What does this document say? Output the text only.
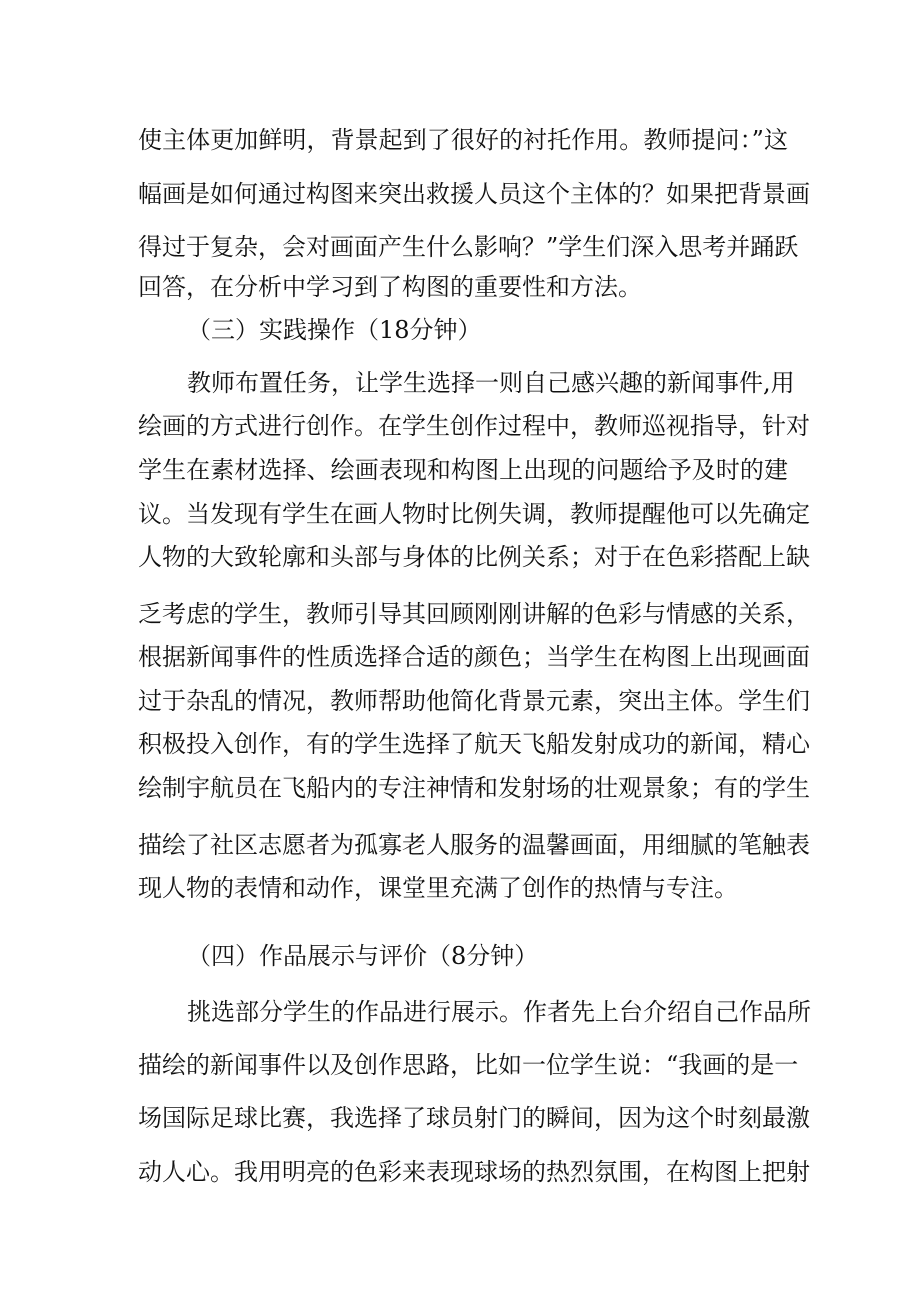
使主体更加鲜明，背景起到了很好的衬托作用。教师提问：”这
幅画是如何通过构图来突出救援人员这个主体的？如果把背景画
得过于复杂，会对画面产生什么影响？”学生们深入思考并踊跃
回答，在分析中学习到了构图的重要性和方法。
（三）实践操作（18分钟）
教师布置任务，让学生选择一则自己感兴趣的新闻事件,用
绘画的方式进行创作。在学生创作过程中，教师巡视指导，针对
学生在素材选择、绘画表现和构图上出现的问题给予及时的建
议。当发现有学生在画人物时比例失调，教师提醒他可以先确定
人物的大致轮廓和头部与身体的比例关系；对于在色彩搭配上缺
乏考虑的学生，教师引导其回顾刚刚讲解的色彩与情感的关系，
根据新闻事件的性质选择合适的颜色；当学生在构图上出现画面
过于杂乱的情况，教师帮助他简化背景元素，突出主体。学生们
积极投入创作，有的学生选择了航天飞船发射成功的新闻，精心
绘制宇航员在飞船内的专注神情和发射场的壮观景象；有的学生
描绘了社区志愿者为孤寡老人服务的温馨画面，用细腻的笔触表
现人物的表情和动作，课堂里充满了创作的热情与专注。
（四）作品展示与评价（8分钟）
挑选部分学生的作品进行展示。作者先上台介绍自己作品所
描绘的新闻事件以及创作思路，比如一位学生说：“我画的是一
场国际足球比赛，我选择了球员射门的瞬间，因为这个时刻最激
动人心。我用明亮的色彩来表现球场的热烈氛围，在构图上把射
